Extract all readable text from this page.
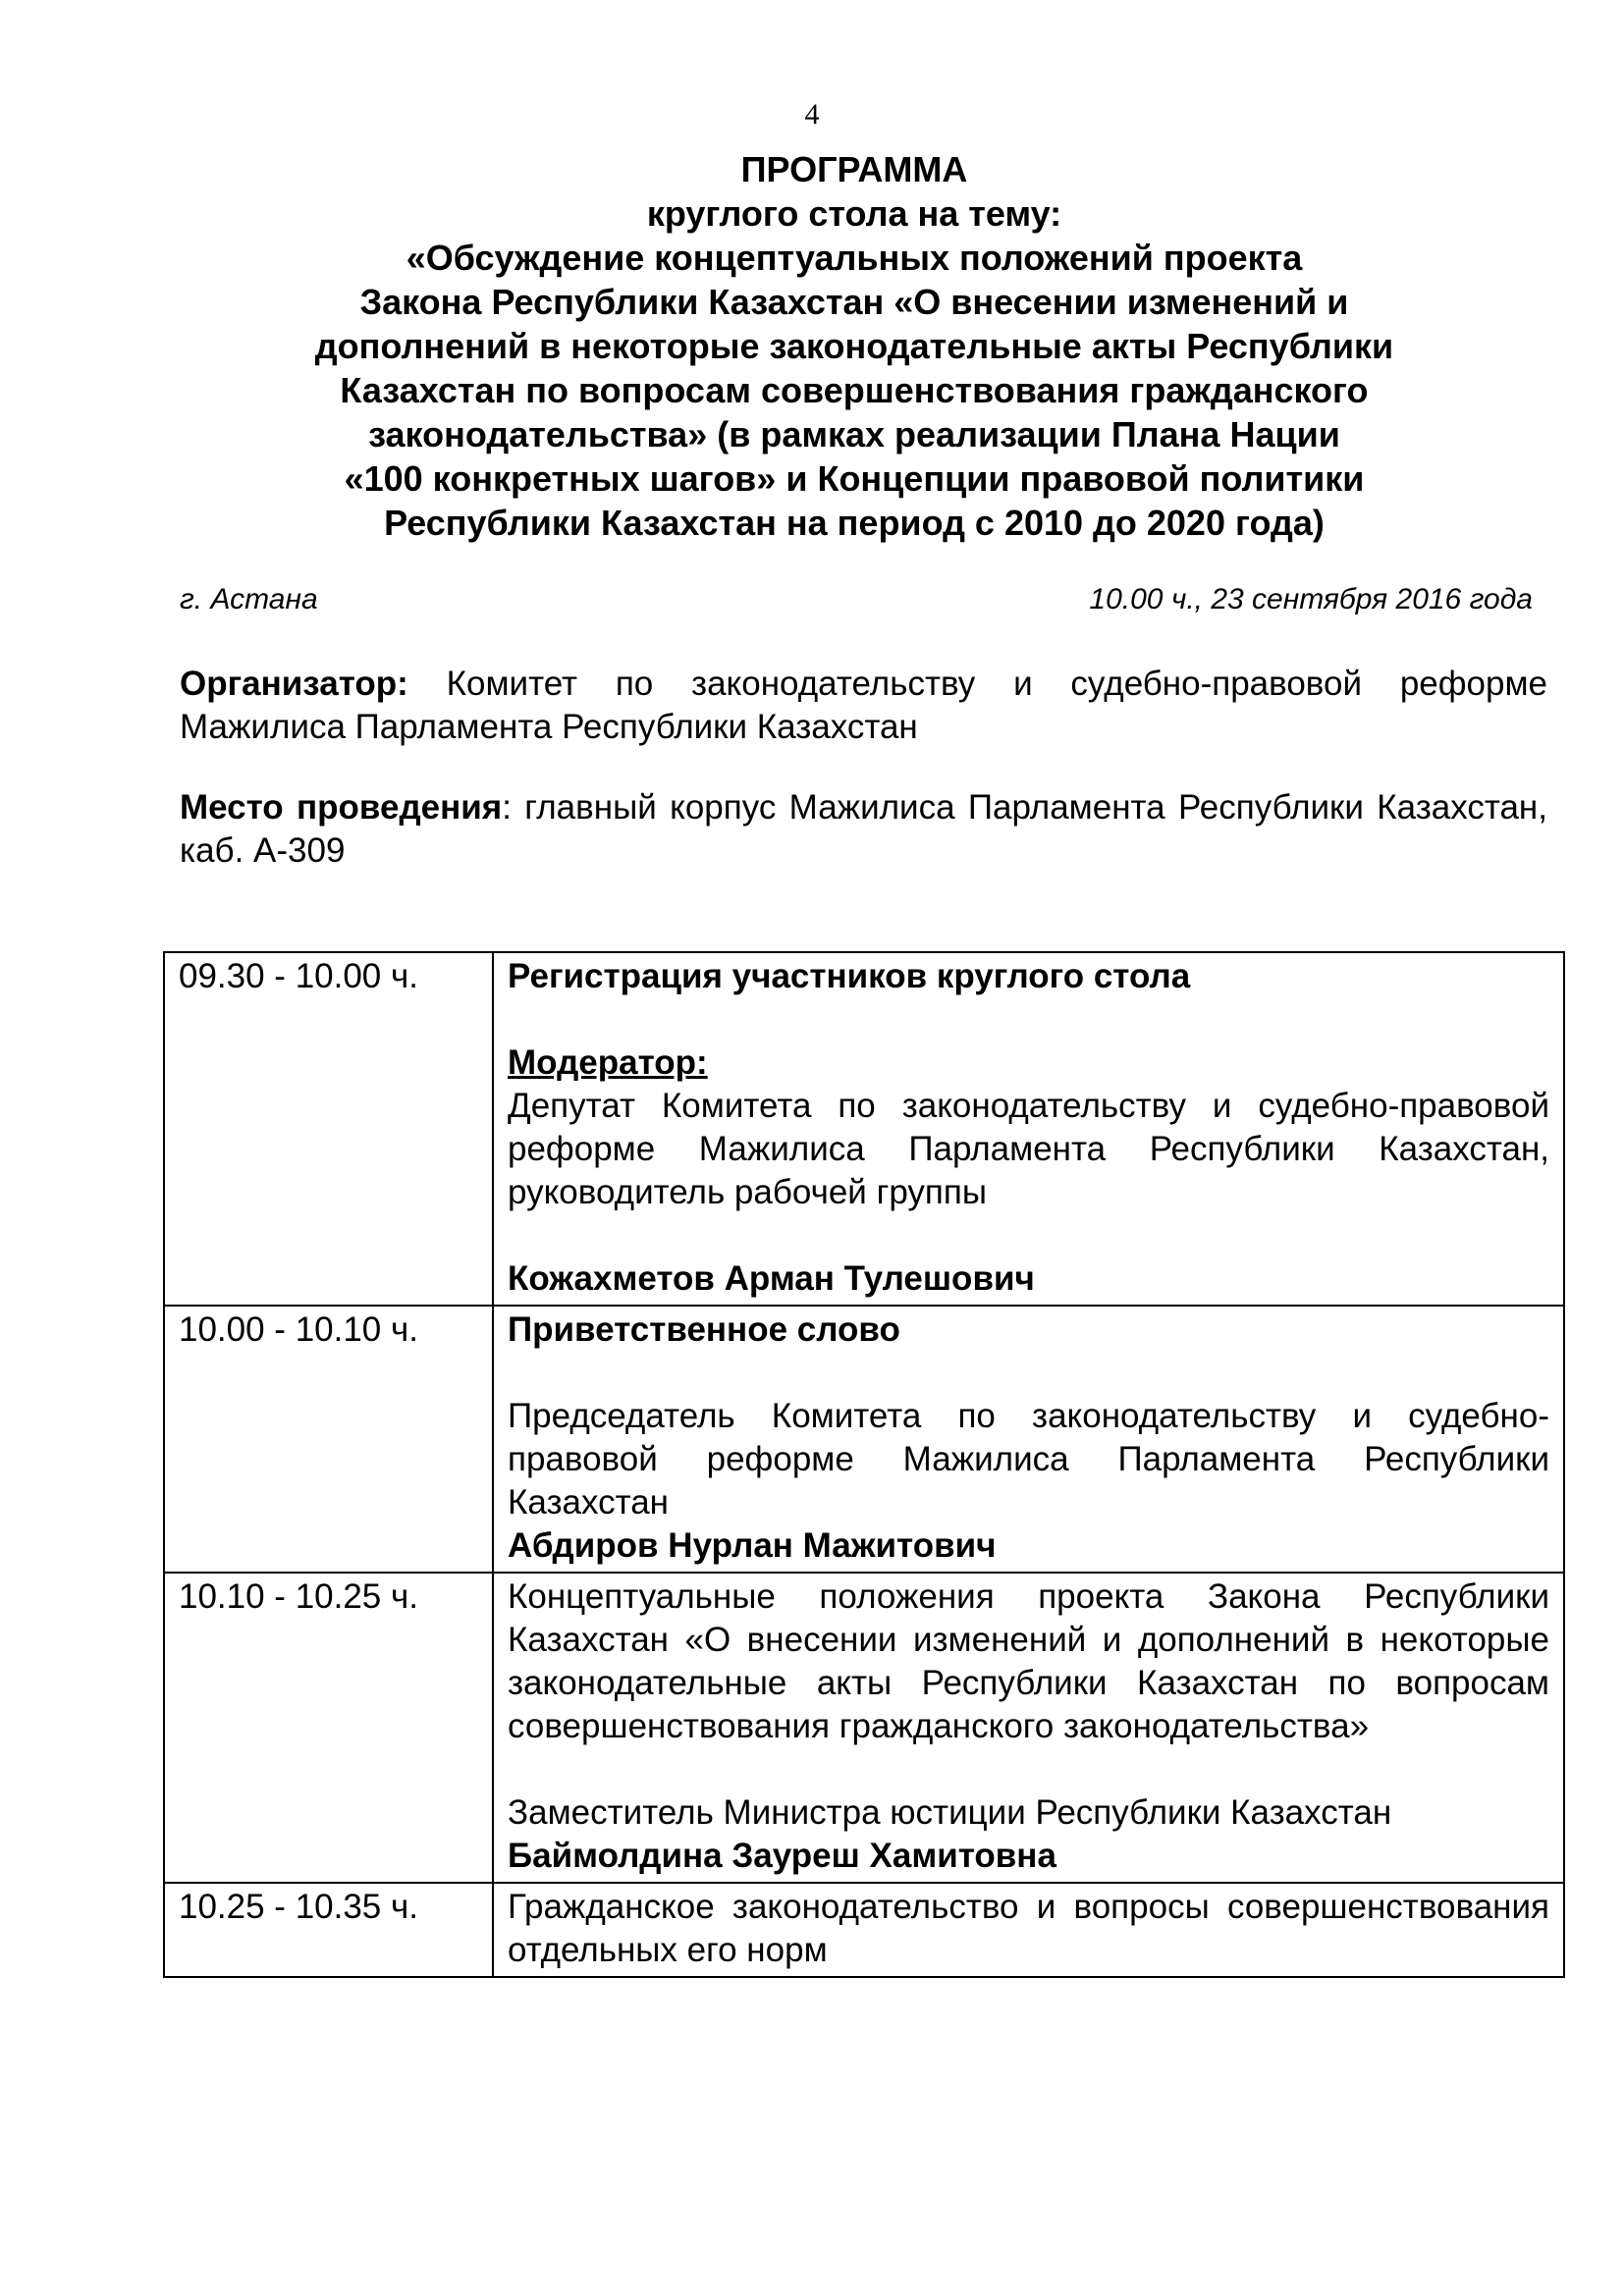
4
ПРОГРАММА
круглого стола на тему:
«Обсуждение концептуальных положений проекта
Закона Республики Казахстан «О внесении изменений и
дополнений в некоторые законодательные акты Республики
Казахстан по вопросам совершенствования гражданского
законодательства» (в рамках реализации Плана Нации
«100 конкретных шагов» и Концепции правовой политики
Республики Казахстан на период с 2010 до 2020 года)
г. Астана	10.00 ч., 23 сентября 2016 года
Организатор: Комитет по законодательству и судебно-правовой реформе Мажилиса Парламента Республики Казахстан
Место проведения: главный корпус Мажилиса Парламента Республики Казахстан, каб. А-309
09.30 - 10.00 ч.	Регистрация участников круглого стола
Модератор:
Депутат Комитета по законодательству и судебно-правовой реформе Мажилиса Парламента Республики Казахстан, руководитель рабочей группы
Кожахметов Арман Тулешович

10.00 - 10.10 ч.	Приветственное слово
Председатель Комитета по законодательству и судебно-правовой реформе Мажилиса Парламента Республики Казахстан
Абдиров Нурлан Мажитович

10.10 - 10.25 ч.	Концептуальные положения проекта Закона Республики Казахстан «О внесении изменений и дополнений в некоторые законодательные акты Республики Казахстан по вопросам совершенствования гражданского законодательства»
Заместитель Министра юстиции Республики Казахстан
Баймолдина Зауреш Хамитовна

10.25 - 10.35 ч.	Гражданское законодательство и вопросы совершенствования отдельных его норм
